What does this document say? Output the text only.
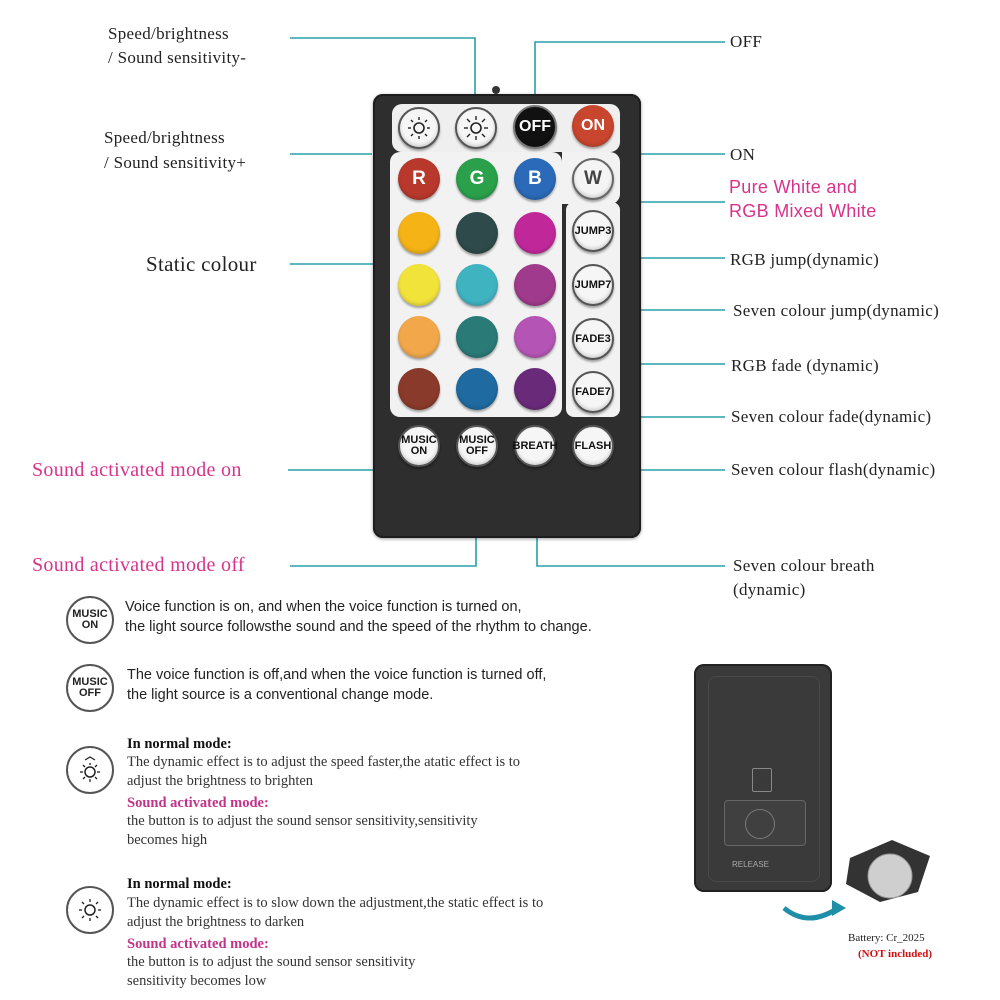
OFF ON
R G B W
JUMP3
JUMP7
FADE3
FADE7
MUSIC
ON
MUSIC
OFF	BREATH FLASH
Speed/brightness
/ Sound sensitivity-
Speed/brightness
/ Sound sensitivity+
Static colour
Sound activated mode on
Sound activated mode off
OFF
ON
Pure White and
RGB Mixed White
RGB jump(dynamic)
Seven colour jump(dynamic)
RGB fade (dynamic)
Seven colour fade(dynamic)
Seven colour flash(dynamic)
Seven colour breath
(dynamic)
MUSIC
ON
Voice function is on, and when the voice function is turned on,
the light source followsthe sound and the speed of the rhythm to change.
MUSIC
OFF
The voice function is off,and when the voice function is turned off,
the light source is a conventional change mode.
In normal mode:
The dynamic effect is to adjust the speed faster,the atatic effect is to
adjust the brightness to brighten
Sound activated mode:
the button is to adjust the sound sensor sensitivity,sensitivity
becomes high
In normal mode:
The dynamic effect is to slow down the adjustment,the static effect is to
adjust the brightness to darken
Sound activated mode:
the button is to adjust the sound sensor sensitivity
sensitivity becomes low
RELEASE
Battery: Cr_2025
(NOT included)
